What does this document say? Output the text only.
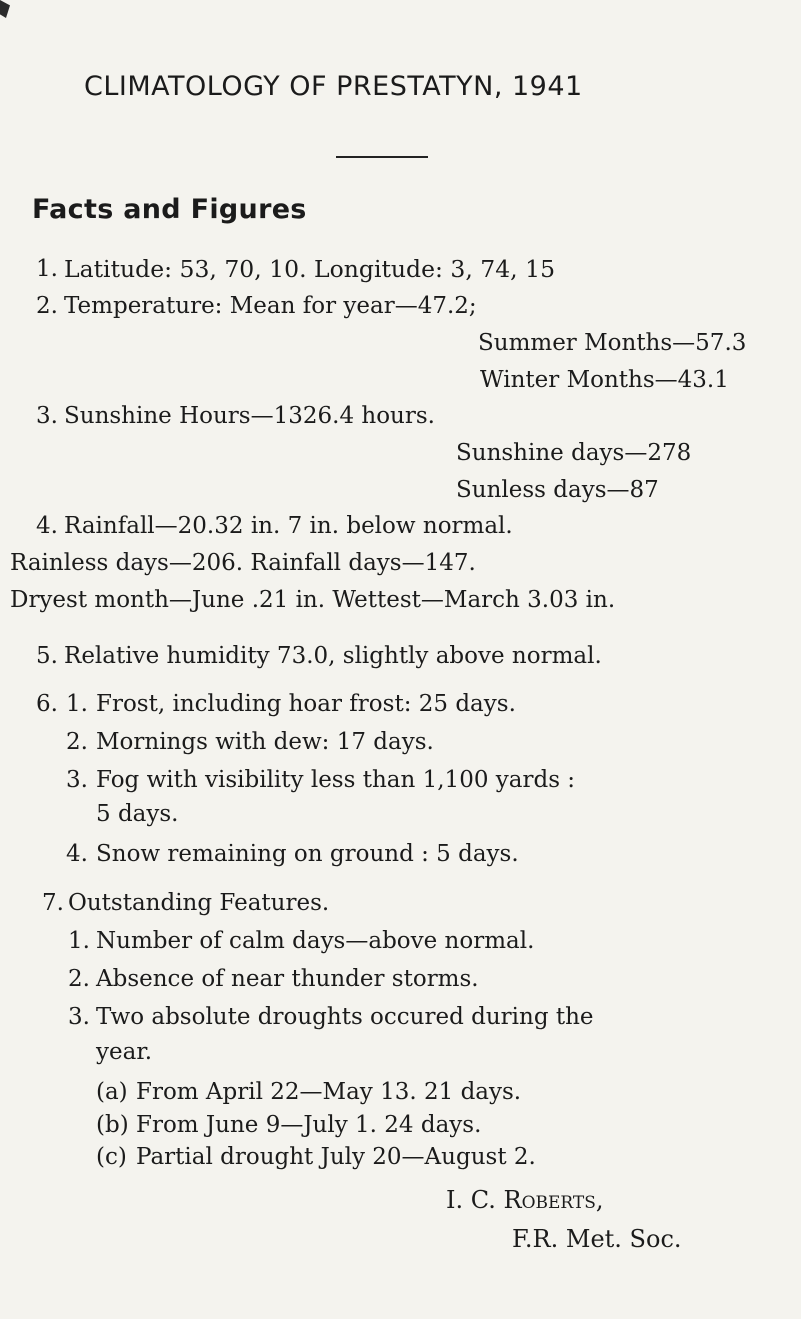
CLIMATOLOGY OF PRESTATYN, 1941
Facts and Figures
1. Latitude: 53, 70, 10. Longitude: 3, 74, 15
2. Temperature: Mean for year—47.2;
Summer Months—57.3
Winter Months—43.1
3. Sunshine Hours—1326.4 hours.
Sunshine days—278
Sunless days—87
4. Rainfall—20.32 in. 7 in. below normal.
Rainless days—206. Rainfall days—147.
Dryest month—June .21 in. Wettest—March 3.03 in.
5. Relative humidity 73.0, slightly above normal.
6. 1. Frost, including hoar frost: 25 days.
2. Mornings with dew: 17 days.
3. Fog with visibility less than 1,100 yards :
5 days.
4. Snow remaining on ground : 5 days.
7. Outstanding Features.
1. Number of calm days—above normal.
2. Absence of near thunder storms.
3. Two absolute droughts occured during the
year.
(a) From April 22—May 13. 21 days.
(b) From June 9—July 1. 24 days.
(c) Partial drought July 20—August 2.
I. C. Roberts,
F.R. Met. Soc.
